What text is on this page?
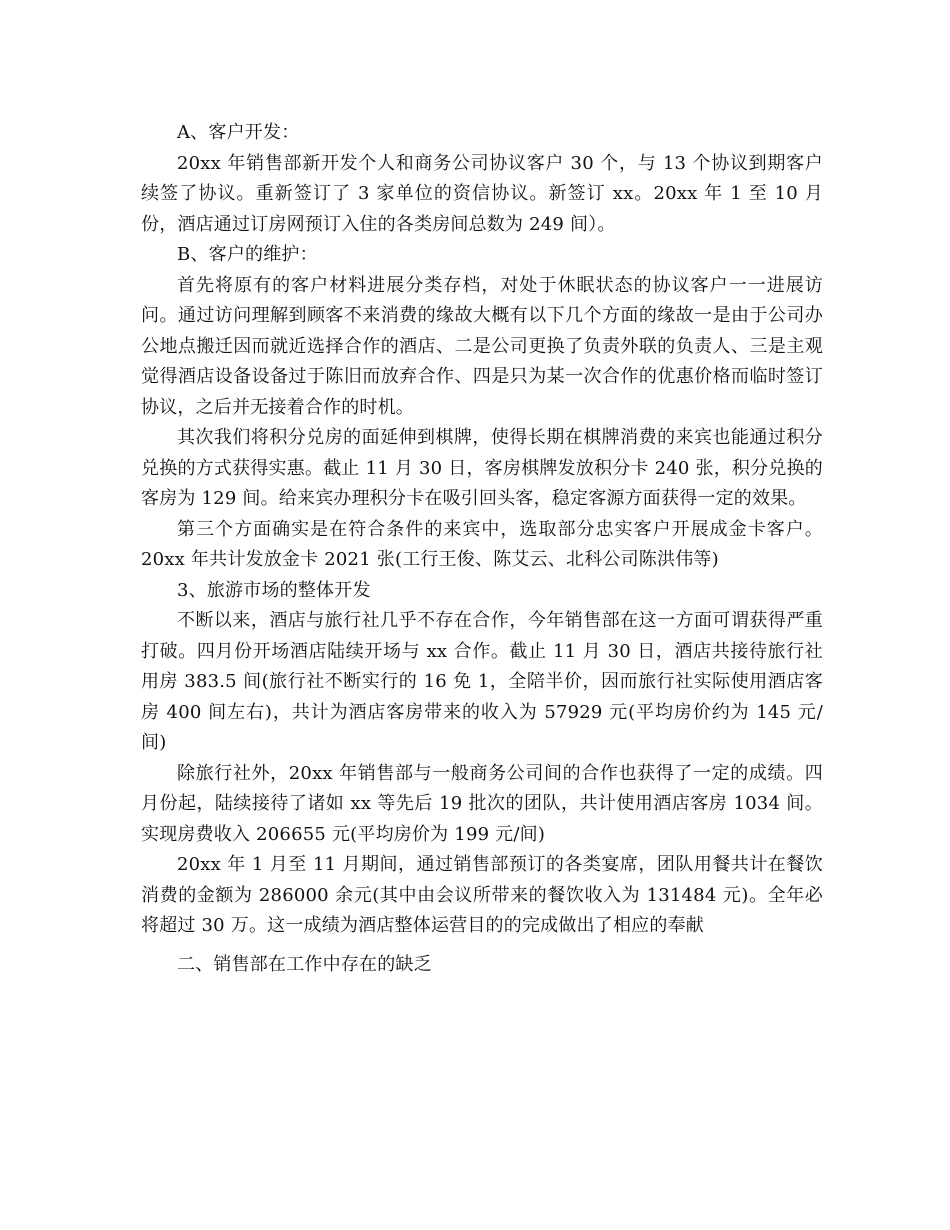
A、客户开发：

20xx 年销售部新开发个人和商务公司协议客户 30 个，与 13 个协议到期客户续签了协议。重新签订了 3 家单位的资信协议。新签订 xx。20xx 年 1 至 10 月份，酒店通过订房网预订入住的各类房间总数为 249 间）。

B、客户的维护：

首先将原有的客户材料进展分类存档，对处于休眠状态的协议客户一一进展访问。通过访问理解到顾客不来消费的缘故大概有以下几个方面的缘故一是由于公司办公地点搬迁因而就近选择合作的酒店、二是公司更换了负责外联的负责人、三是主观觉得酒店设备设备过于陈旧而放弃合作、四是只为某一次合作的优惠价格而临时签订协议，之后并无接着合作的时机。

其次我们将积分兑房的面延伸到棋牌，使得长期在棋牌消费的来宾也能通过积分兑换的方式获得实惠。截止 11 月 30 日，客房棋牌发放积分卡 240 张，积分兑换的客房为 129 间。给来宾办理积分卡在吸引回头客，稳定客源方面获得一定的效果。

第三个方面确实是在符合条件的来宾中，选取部分忠实客户开展成金卡客户。20xx 年共计发放金卡 2021 张(工行王俊、陈艾云、北科公司陈洪伟等)

3、旅游市场的整体开发

不断以来，酒店与旅行社几乎不存在合作，今年销售部在这一方面可谓获得严重打破。四月份开场酒店陆续开场与 xx 合作。截止 11 月 30 日，酒店共接待旅行社用房 383.5 间(旅行社不断实行的 16 免 1，全陪半价，因而旅行社实际使用酒店客房 400 间左右)，共计为酒店客房带来的收入为 57929 元(平均房价约为 145 元/间)

除旅行社外，20xx 年销售部与一般商务公司间的合作也获得了一定的成绩。四月份起，陆续接待了诸如 xx 等先后 19 批次的团队，共计使用酒店客房 1034 间。实现房费收入 206655 元(平均房价为 199 元/间)

20xx 年 1 月至 11 月期间，通过销售部预订的各类宴席，团队用餐共计在餐饮消费的金额为 286000 余元(其中由会议所带来的餐饮收入为 131484 元)。全年必将超过 30 万。这一成绩为酒店整体运营目的的完成做出了相应的奉献

二、销售部在工作中存在的缺乏
